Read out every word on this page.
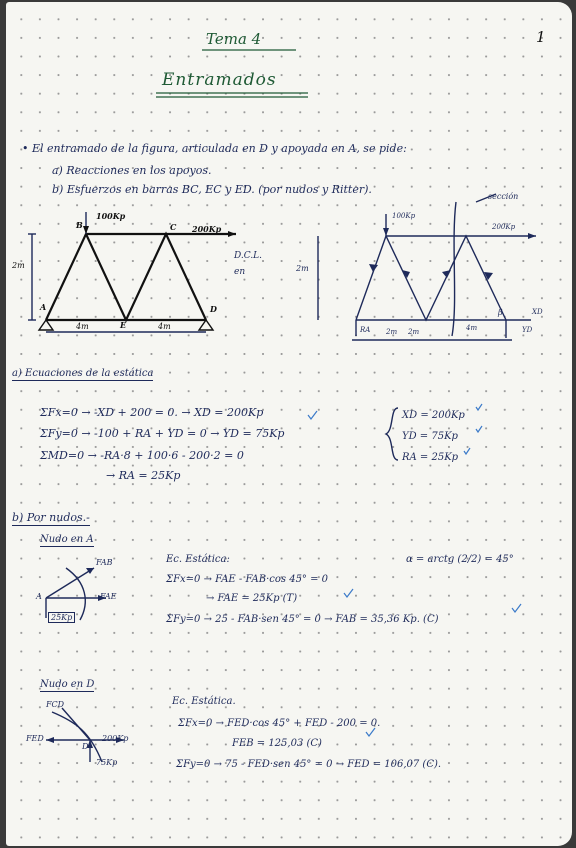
Tema 4
Entramados
1
• El entramado de la figura, articulada en D y apoyada en A, se pide:
a) Reacciones en los apoyos.
b) Esfuerzos en barras BC, EC y ED. (por nudos y Ritter).
100Kp
200Kp
2m
4m	4m
B	C
A	D
E
D.C.L. en
sección
100Kp
200Kp
2m
RA 2m 2m	4m
XD
YD
β
a) Ecuaciones de la estática
ΣFx=0 → -XD + 200 = 0. → XD = 200Kp
ΣFy=0 → -100 + RA + YD = 0 → YD = 75Kp
ΣMD=0 → -RA·8 + 100·6 - 200·2 = 0
→ RA = 25Kp
XD = 200Kp
YD = 75Kp
RA = 25Kp
b) Por nudos.-
Nudo en A
FAB
FAE
A
25Kp
Ec. Estática:	α = arctg (2/2) = 45°
ΣFx=0 → FAE - FAB·cos 45° = 0
→ FAE = 25Kp (T)
ΣFy=0 → 25 - FAB·sen 45° = 0 → FAB = 35,36 Kp. (C)
Nudo en D
FCD
FED
D
200Kp
75Kp
Ec. Estática.
ΣFx=0 → FED·cos 45° + FED - 200 = 0.
FEB = 125,03 (C)
ΣFy=0 → 75 - FED·sen 45° = 0 → FED = 106,07 (C).
